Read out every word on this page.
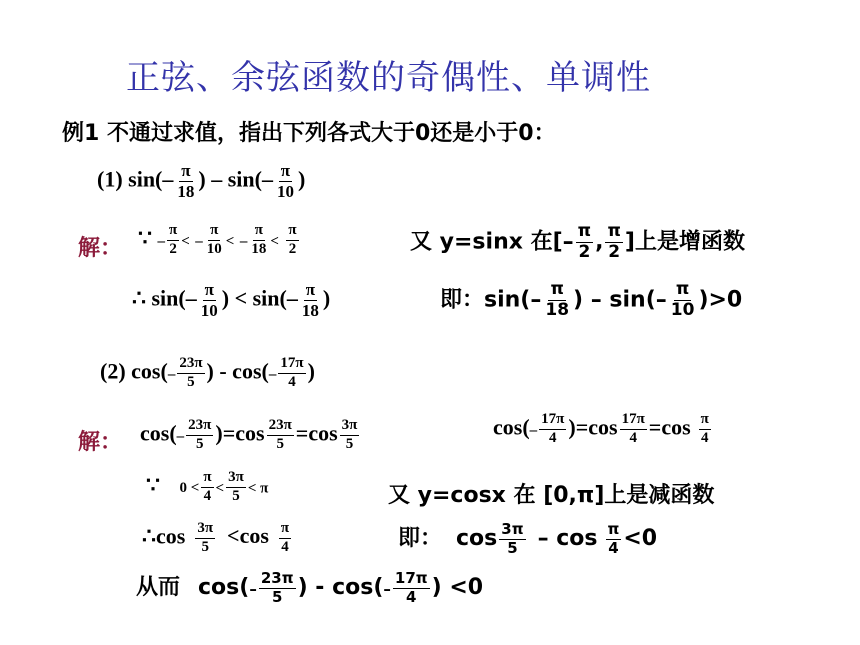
正弦、余弦函数的奇偶性、单调性
例1 不通过求值，指出下列各式大于0还是小于0：
(1) $\sin(- \frac{\pi}{18}$ ) – $\sin(- \frac{\pi}{10}$ )
解： ∵ – $\frac{\pi}{2}$ < – $\frac{\pi}{10}$ < – $\frac{\pi}{18} < \frac{\pi}{2}$	又 y=sinx 在[– $\frac{\pi}{2}$ , $\frac{\pi}{2}$ ]上是增函数
∴ $\sin(- \frac{\pi}{10}$ ) < $\sin(- \frac{\pi}{18}$ )	即：$\sin(- \frac{\pi}{18}$ ) – $\sin(- \frac{\pi}{10} )>0$
(2) $\cos(- \frac{23\pi}{5}$ ) - $\cos(- \frac{17\pi}{4}$ )
解： $\cos(- \frac{23\pi}{5} )=\cos \frac{23\pi}{5} =\cos \frac{3\pi}{5}$	$\cos(- \frac{17\pi}{4} )=\cos \frac{17\pi}{4} =\cos \frac{\pi}{4}$
∵ $0 < \frac{\pi}{4} < \frac{3\pi}{5} < \pi$	又 y=cosx 在 [0,π]上是减函数
∴cos $\frac{3\pi}{5} <\cos \frac{\pi}{4}$	即： $\cos \frac{3\pi}{5} - \cos \frac{\pi}{4} <0$
从而 $\cos(- \frac{23\pi}{5}$ ) - $\cos(- \frac{17\pi}{4}$ ) <0
